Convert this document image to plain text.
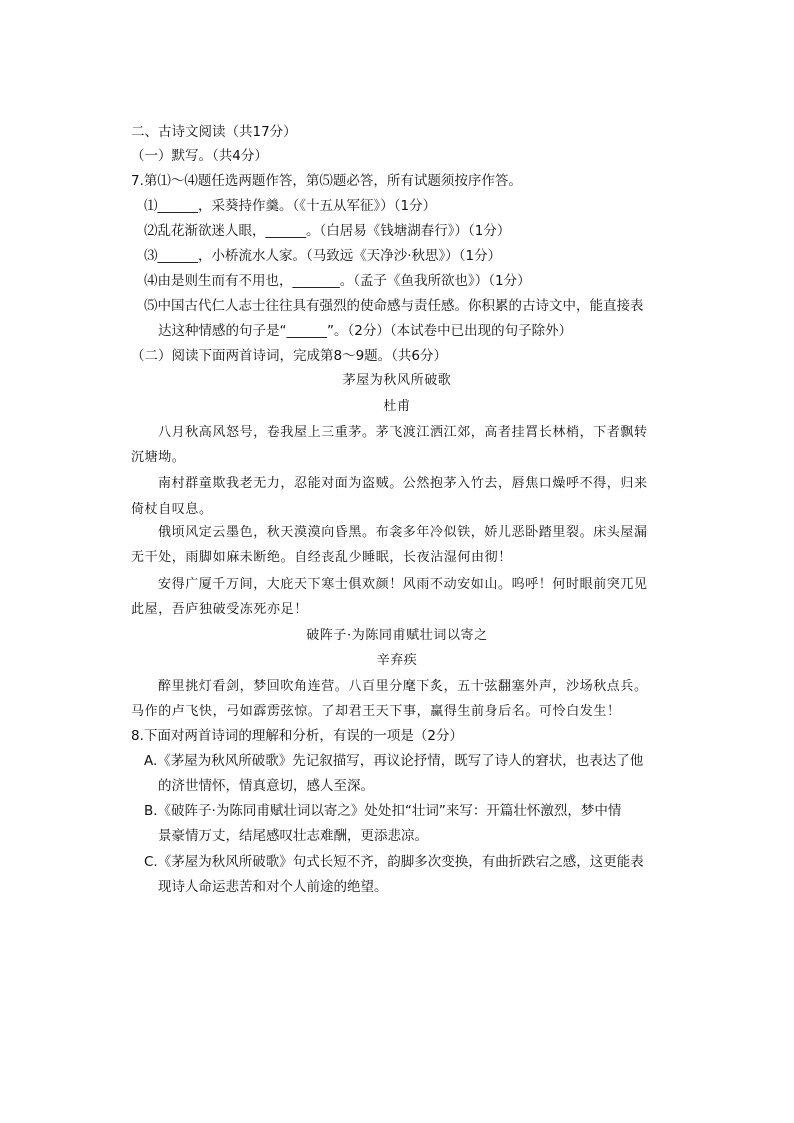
二、古诗文阅读（共17分）
（一）默写。（共4分）
7.第⑴～⑷题任选两题作答，第⑸题必答，所有试题须按序作答。
⑴______，采葵持作羹。（《十五从军征》）（1分）
⑵乱花渐欲迷人眼，______。（白居易《钱塘湖春行》）（1分）
⑶______，小桥流水人家。（马致远《天净沙·秋思》）（1分）
⑷由是则生而有不用也，_______。（孟子《鱼我所欲也》）（1分）
⑸中国古代仁人志士往往具有强烈的使命感与责任感。你积累的古诗文中，能直接表
达这种情感的句子是“______”。（2分）（本试卷中已出现的句子除外）
（二）阅读下面两首诗词，完成第8～9题。（共6分）
茅屋为秋风所破歌
杜甫
八月秋高风怒号，卷我屋上三重茅。茅飞渡江洒江郊，高者挂罥长林梢，下者飘转
沉塘坳。
南村群童欺我老无力，忍能对面为盗贼。公然抱茅入竹去，唇焦口燥呼不得，归来
倚杖自叹息。
俄顷风定云墨色，秋天漠漠向昏黑。布衾多年冷似铁，娇儿恶卧踏里裂。床头屋漏
无干处，雨脚如麻未断绝。自经丧乱少睡眠，长夜沾湿何由彻！
安得广厦千万间，大庇天下寒士俱欢颜！风雨不动安如山。呜呼！何时眼前突兀见
此屋，吾庐独破受冻死亦足！
破阵子·为陈同甫赋壮词以寄之
辛弃疾
醉里挑灯看剑，梦回吹角连营。八百里分麾下炙，五十弦翻塞外声，沙场秋点兵。
马作的卢飞快，弓如霹雳弦惊。了却君王天下事，赢得生前身后名。可怜白发生！
8.下面对两首诗词的理解和分析，有误的一项是（2分）
A.《茅屋为秋风所破歌》先记叙描写，再议论抒情，既写了诗人的窘状，也表达了他
的济世情怀，情真意切，感人至深。
B.《破阵子·为陈同甫赋壮词以寄之》处处扣“壮词”来写：开篇壮怀激烈，梦中情
景豪情万丈，结尾感叹壮志难酬，更添悲凉。
C.《茅屋为秋风所破歌》句式长短不齐，韵脚多次变换，有曲折跌宕之感，这更能表
现诗人命运悲苦和对个人前途的绝望。
